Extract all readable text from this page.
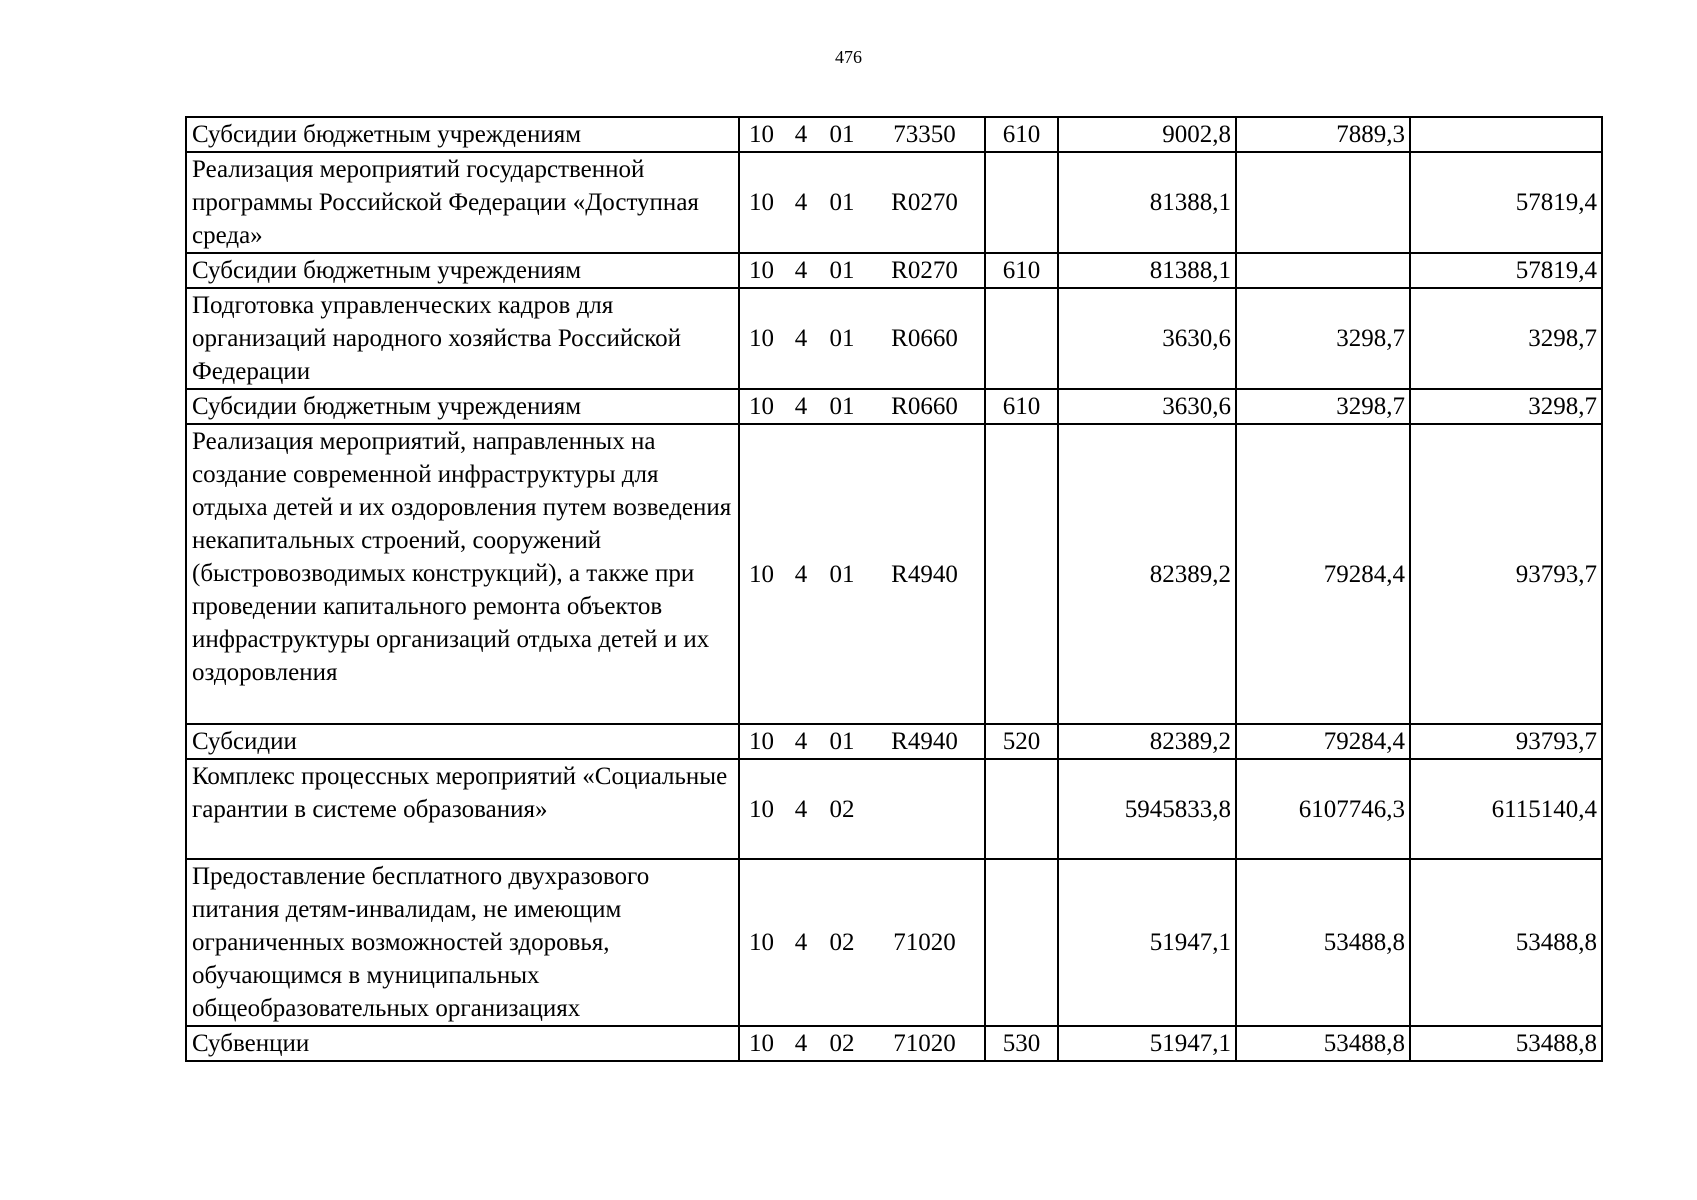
476
Субсидии бюджетным учреждениям	10	4	01	73350	610	9002,8	7889,3	
Реализация мероприятий государственной программы Российской Федерации «Доступная среда»	10	4	01	R0270		81388,1		57819,4
Субсидии бюджетным учреждениям	10	4	01	R0270	610	81388,1		57819,4
Подготовка управленческих кадров для организаций народного хозяйства Российской Федерации	10	4	01	R0660		3630,6	3298,7	3298,7
Субсидии бюджетным учреждениям	10	4	01	R0660	610	3630,6	3298,7	3298,7
Реализация мероприятий, направленных на создание современной инфраструктуры для отдыха детей и их оздоровления путем возведения некапитальных строений, сооружений (быстровозводимых конструкций), а также при проведении капитального ремонта объектов инфраструктуры организаций отдыха детей и их оздоровления	10	4	01	R4940		82389,2	79284,4	93793,7
Субсидии	10	4	01	R4940	520	82389,2	79284,4	93793,7
Комплекс процессных мероприятий «Социальные гарантии в системе образования»	10	4	02			5945833,8	6107746,3	6115140,4
Предоставление бесплатного двухразового питания детям-инвалидам, не имеющим ограниченных возможностей здоровья, обучающимся в муниципальных общеобразовательных организациях	10	4	02	71020		51947,1	53488,8	53488,8
Субвенции	10	4	02	71020	530	51947,1	53488,8	53488,8
